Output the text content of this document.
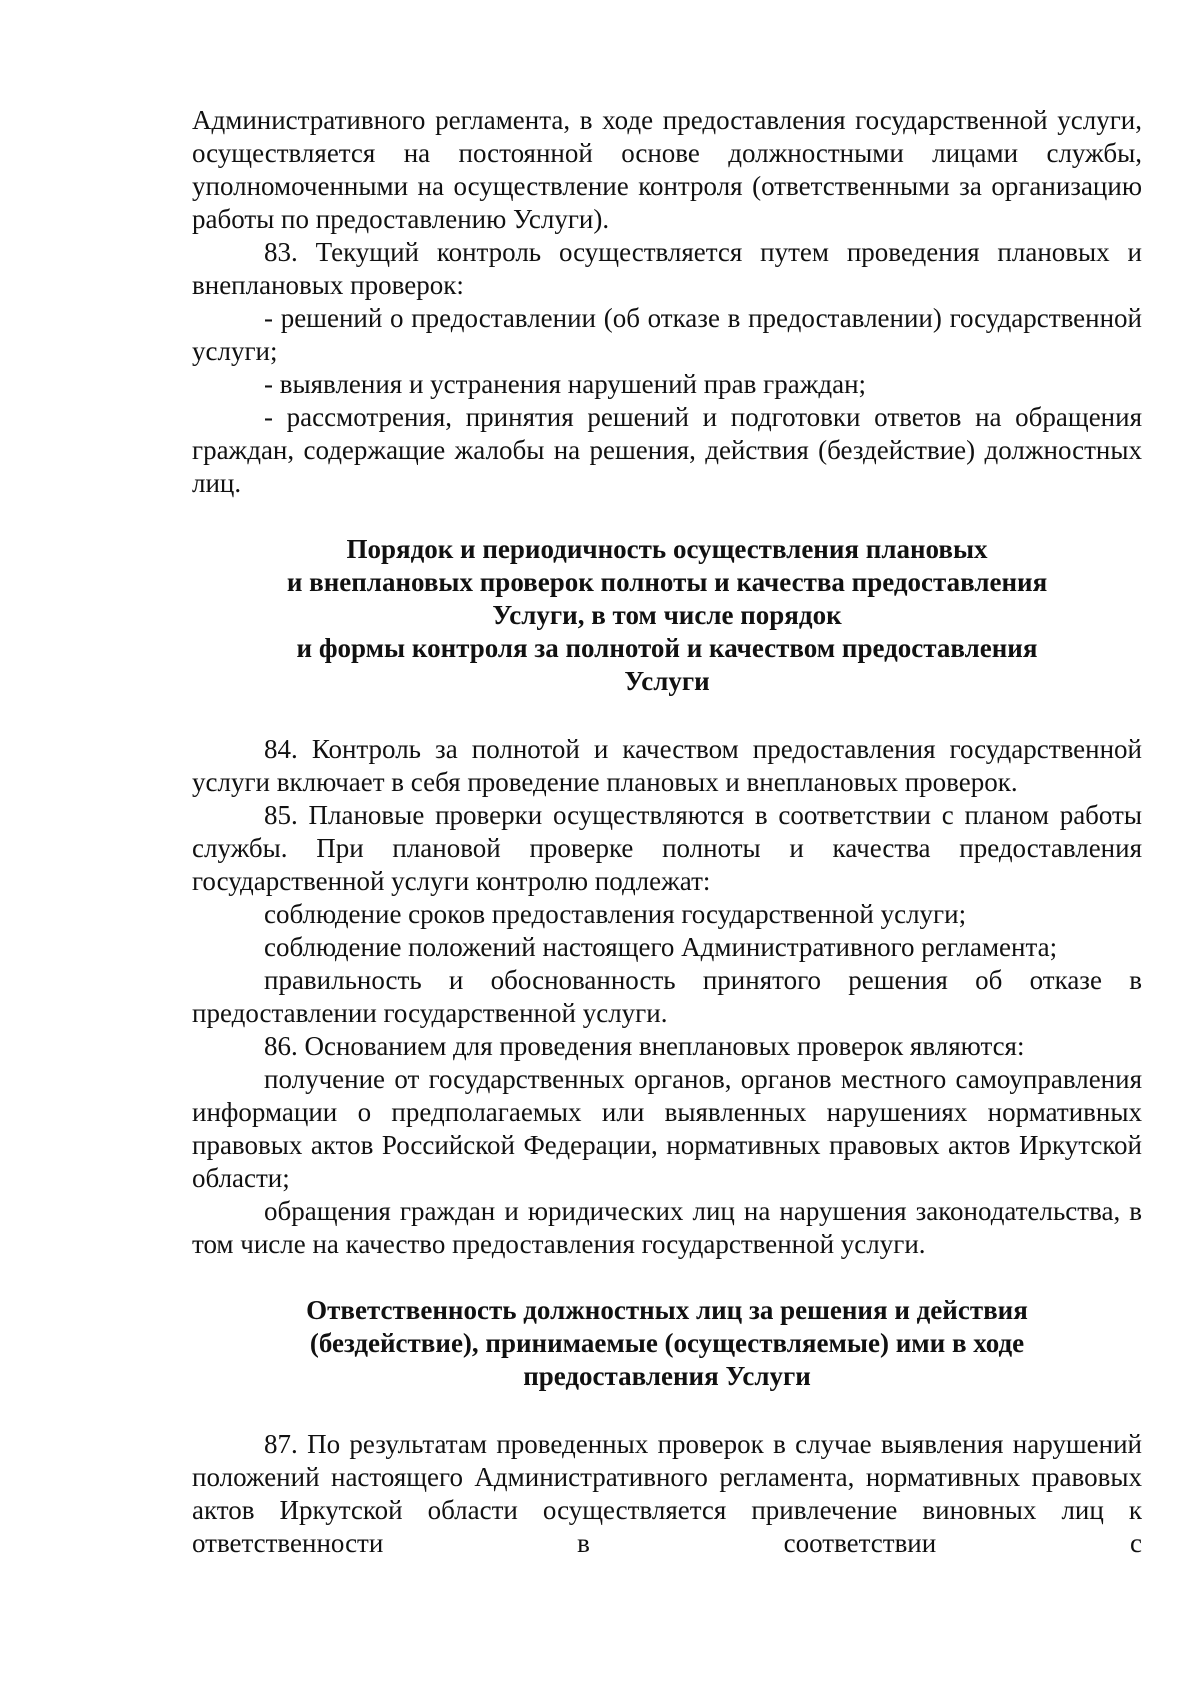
Административного регламента, в ходе предоставления государственной услуги, осуществляется на постоянной основе должностными лицами службы, уполномоченными на осуществление контроля (ответственными за организацию работы по предоставлению Услуги).

83. Текущий контроль осуществляется путем проведения плановых и внеплановых проверок:

- решений о предоставлении (об отказе в предоставлении) государственной услуги;

- выявления и устранения нарушений прав граждан;

- рассмотрения, принятия решений и подготовки ответов на обращения граждан, содержащие жалобы на решения, действия (бездействие) должностных лиц.

Порядок и периодичность осуществления плановых
и внеплановых проверок полноты и качества предоставления
Услуги, в том числе порядок
и формы контроля за полнотой и качеством предоставления
Услуги

84. Контроль за полнотой и качеством предоставления государственной услуги включает в себя проведение плановых и внеплановых проверок.

85. Плановые проверки осуществляются в соответствии с планом работы службы. При плановой проверке полноты и качества предоставления государственной услуги контролю подлежат:

соблюдение сроков предоставления государственной услуги;

соблюдение положений настоящего Административного регламента;

правильность и обоснованность принятого решения об отказе в предоставлении государственной услуги.

86. Основанием для проведения внеплановых проверок являются:

получение от государственных органов, органов местного самоуправления информации о предполагаемых или выявленных нарушениях нормативных правовых актов Российской Федерации, нормативных правовых актов Иркутской области;

обращения граждан и юридических лиц на нарушения законодательства, в том числе на качество предоставления государственной услуги.

Ответственность должностных лиц за решения и действия
(бездействие), принимаемые (осуществляемые) ими в ходе
предоставления Услуги

87. По результатам проведенных проверок в случае выявления нарушений положений настоящего Административного регламента, нормативных правовых актов Иркутской области осуществляется привлечение виновных лиц к ответственности в соответствии с
